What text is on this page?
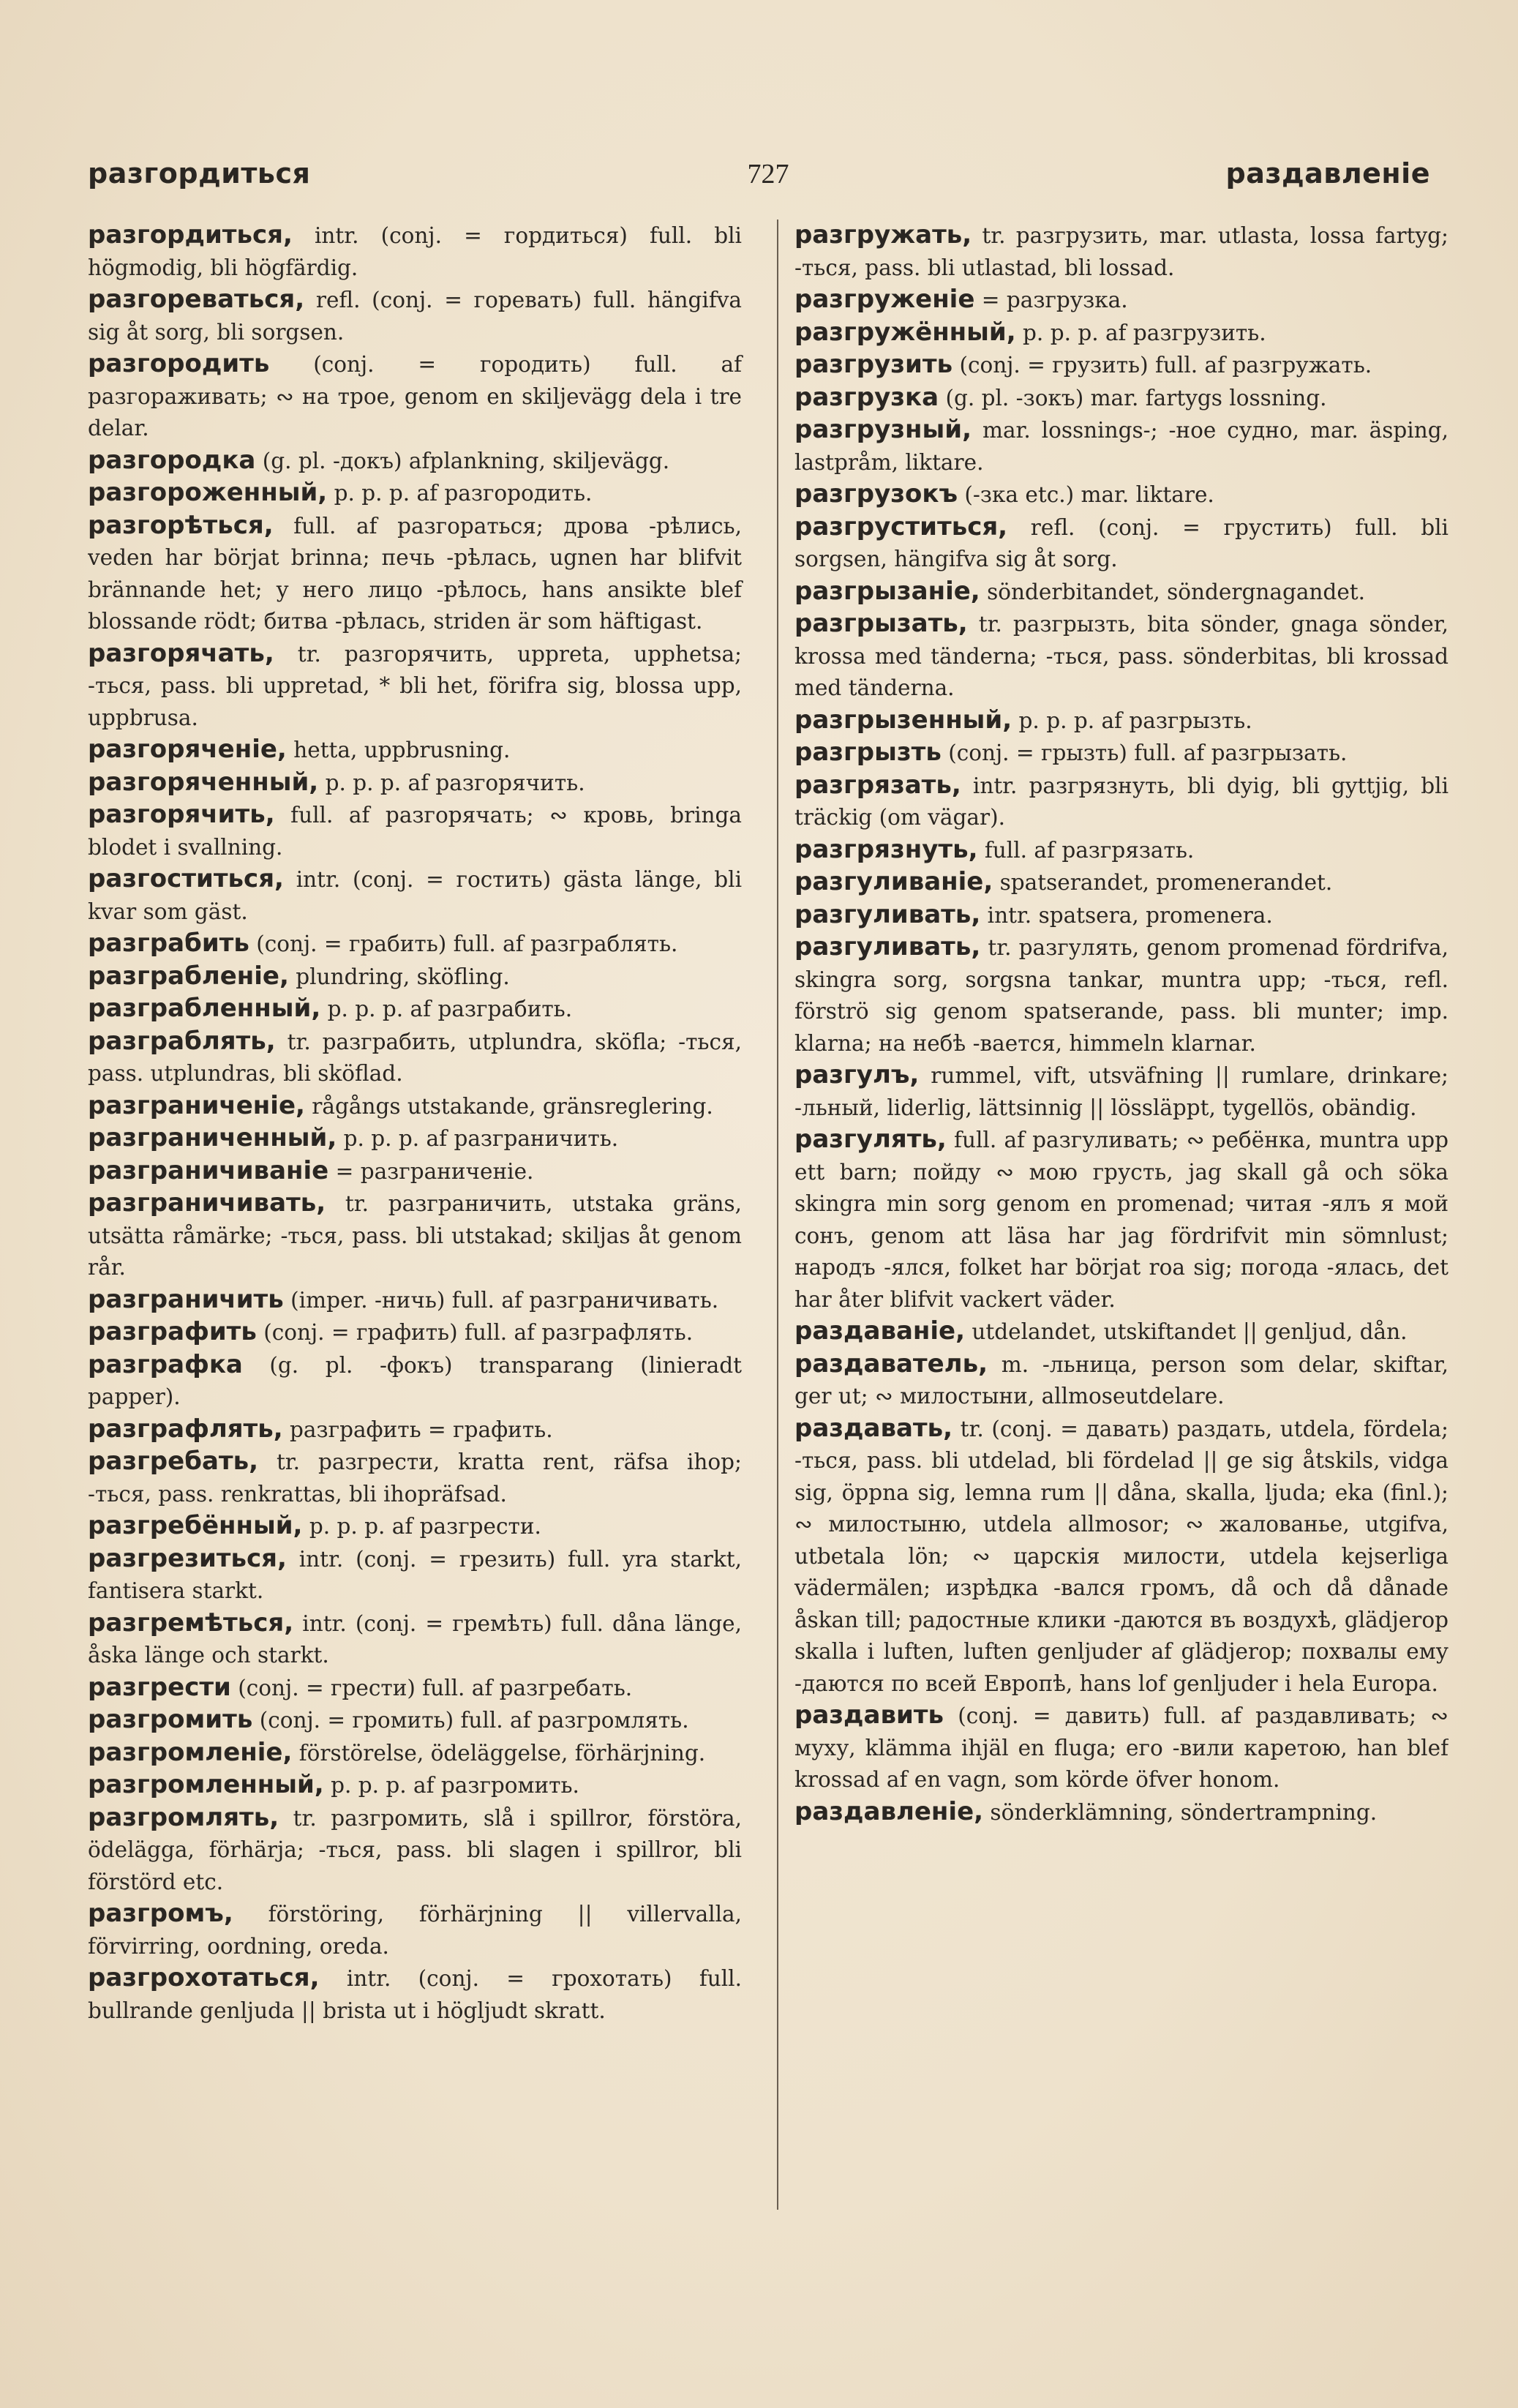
разгордиться	727	раздавленіе

разгордиться, intr. (conj. = гордиться) full. bli högmodig, bli högfärdig.

разгореваться, refl. (conj. = горевать) full. hängifva sig åt sorg, bli sorgsen.

разгородить (conj. = городить) full. af разгораживать; ∾ на трое, genom en skiljevägg dela i tre delar.

разгородка (g. pl. -докъ) afplankning, skiljevägg.

разгороженный, p. p. p. af разгородить.

разгорѣться, full. af разгораться; дрова -рѣлись, veden har börjat brinna; печь -рѣлась, ugnen har blifvit brännande het; у него лицо -рѣлось, hans ansikte blef blossande rödt; битва -рѣлась, striden är som häftigast.

разгорячать, tr. разгорячить, uppreta, upphetsa; -ться, pass. bli uppretad, * bli het, förifra sig, blossa upp, uppbrusa.

разгоряченіе, hetta, uppbrusning.

разгоряченный, p. p. p. af разгорячить.

разгорячить, full. af разгорячать; ∾ кровь, bringa blodet i svallning.

разгоститься, intr. (conj. = гостить) gästa länge, bli kvar som gäst.

разграбить (conj. = грабить) full. af разграблять.

разграбленіе, plundring, sköfling.

разграбленный, p. p. p. af разграбить.

разграблять, tr. разграбить, utplundra, sköfla; -ться, pass. utplundras, bli sköflad.

разграниченіе, rågångs utstakande, gränsreglering.

разграниченный, p. p. p. af разграничить.

разграничиваніе = разграниченіе.

разграничивать, tr. разграничить, utstaka gräns, utsätta råmärke; -ться, pass. bli utstakad; skiljas åt genom rår.

разграничить (imper. -ничь) full. af разграничивать.

разграфить (conj. = графить) full. af разграфлять.

разграфка (g. pl. -фокъ) transparang (linieradt papper).

разграфлять, разграфить = графить.

разгребать, tr. разгрести, kratta rent, räfsa ihop; -ться, pass. renkrattas, bli ihopräfsad.

разгребённый, p. p. p. af разгрести.

разгрезиться, intr. (conj. = грезить) full. yra starkt, fantisera starkt.

разгремѣться, intr. (conj. = гремѣть) full. dåna länge, åska länge och starkt.

разгрести (conj. = грести) full. af разгребать.

разгромить (conj. = громить) full. af разгромлять.

разгромленіе, förstörelse, ödeläggelse, förhärjning.

разгромленный, p. p. p. af разгромить.

разгромлять, tr. разгромить, slå i spillror, förstöra, ödelägga, förhärja; -ться, pass. bli slagen i spillror, bli förstörd etc.

разгромъ, förstöring, förhärjning || villervalla, förvirring, oordning, oreda.

разгрохотаться, intr. (conj. = грохотать) full. bullrande genljuda || brista ut i högljudt skratt.

разгружать, tr. разгрузить, mar. utlasta, lossa fartyg; -ться, pass. bli utlastad, bli lossad.

разгруженіе = разгрузка.

разгружённый, p. p. p. af разгрузить.

разгрузить (conj. = грузить) full. af разгружать.

разгрузка (g. pl. -зокъ) mar. fartygs lossning.

разгрузный, mar. lossnings-; -ное судно, mar. äsping, lastpråm, liktare.

разгрузокъ (-зка etc.) mar. liktare.

разгруститься, refl. (conj. = грустить) full. bli sorgsen, hängifva sig åt sorg.

разгрызаніе, sönderbitandet, söndergnagandet.

разгрызать, tr. разгрызть, bita sönder, gnaga sönder, krossa med tänderna; -ться, pass. sönderbitas, bli krossad med tänderna.

разгрызенный, p. p. p. af разгрызть.

разгрызть (conj. = грызть) full. af разгрызать.

разгрязать, intr. разгрязнуть, bli dyig, bli gyttjig, bli träckig (om vägar).

разгрязнуть, full. af разгрязать.

разгуливаніе, spatserandet, promenerandet.

разгуливать, intr. spatsera, promenera.

разгуливать, tr. разгулять, genom promenad fördrifva, skingra sorg, sorgsna tankar, muntra upp; -ться, refl. förströ sig genom spatserande, pass. bli munter; imp. klarna; на небѣ -вается, himmeln klarnar.

разгулъ, rummel, vift, utsväfning || rumlare, drinkare; -льный, liderlig, lättsinnig || lössläppt, tygellös, obändig.

разгулять, full. af разгуливать; ∾ ребёнка, muntra upp ett barn; пойду ∾ мою грусть, jag skall gå och söka skingra min sorg genom en promenad; читая -ялъ я мой сонъ, genom att läsa har jag fördrifvit min sömnlust; народъ -ялся, folket har börjat roa sig; погода -ялась, det har åter blifvit vackert väder.

раздаваніе, utdelandet, utskiftandet || genljud, dån.

раздаватель, m. -льница, person som delar, skiftar, ger ut; ∾ милостыни, allmoseutdelare.

раздавать, tr. (conj. = давать) раздать, utdela, fördela; -ться, pass. bli utdelad, bli fördelad || ge sig åtskils, vidga sig, öppna sig, lemna rum || dåna, skalla, ljuda; eka (finl.); ∾ милостыню, utdela allmosor; ∾ жалованье, utgifva, utbetala lön; ∾ царскія милости, utdela kejserliga vädermälen; изрѣдка -вался громъ, då och då dånade åskan till; радостные клики -даются въ воздухѣ, glädjerop skalla i luften, luften genljuder af glädjerop; похвалы ему -даются по всей Европѣ, hans lof genljuder i hela Europa.

раздавить (conj. = давить) full. af раздавливать; ∾ муху, klämma ihjäl en fluga; его -вили каретою, han blef krossad af en vagn, som körde öfver honom.

раздавленіе, sönderklämning, söndertrampning.
